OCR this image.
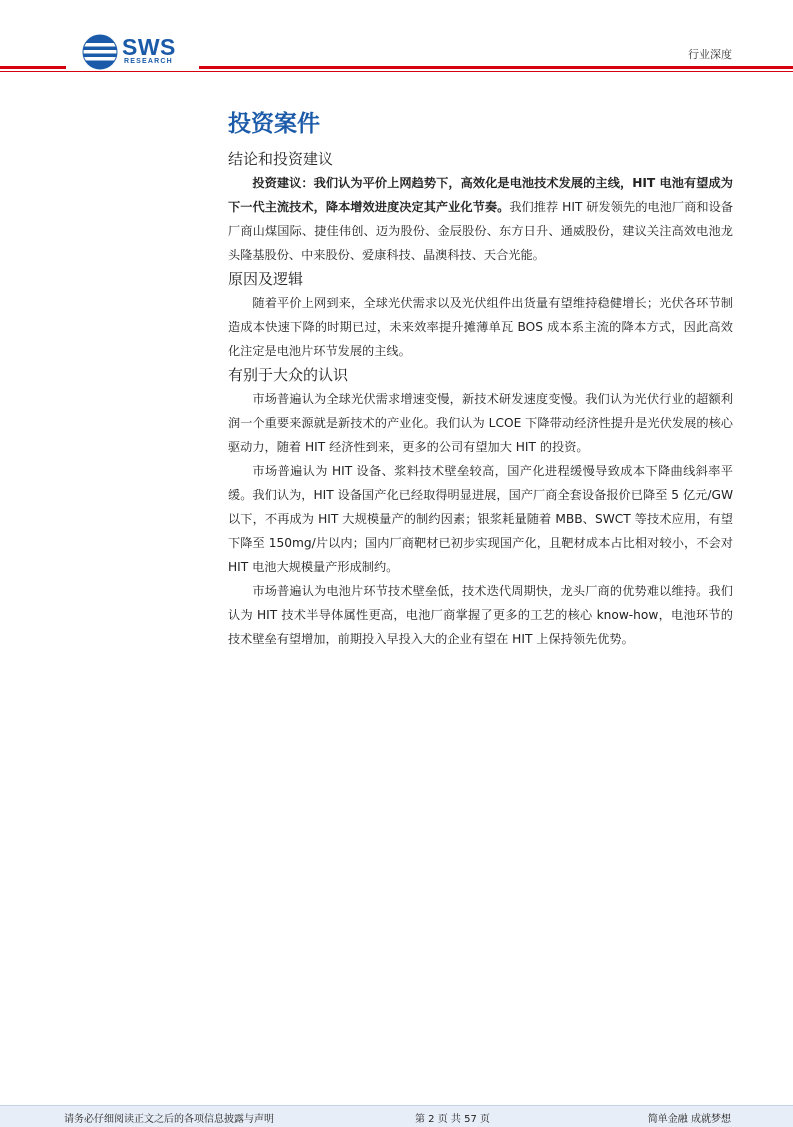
SWS
RESEARCH
行业深度
投资案件
结论和投资建议

投资建议：我们认为平价上网趋势下，高效化是电池技术发展的主线，HIT 电池有望成为下一代主流技术，降本增效进度决定其产业化节奏。我们推荐 HIT 研发领先的电池厂商和设备厂商山煤国际、捷佳伟创、迈为股份、金辰股份、东方日升、通威股份，建议关注高效电池龙头隆基股份、中来股份、爱康科技、晶澳科技、天合光能。

原因及逻辑

随着平价上网到来，全球光伏需求以及光伏组件出货量有望维持稳健增长；光伏各环节制造成本快速下降的时期已过，未来效率提升摊薄单瓦 BOS 成本系主流的降本方式，因此高效化注定是电池片环节发展的主线。

有别于大众的认识

市场普遍认为全球光伏需求增速变慢，新技术研发速度变慢。我们认为光伏行业的超额利润一个重要来源就是新技术的产业化。我们认为 LCOE 下降带动经济性提升是光伏发展的核心驱动力，随着 HIT 经济性到来，更多的公司有望加大 HIT 的投资。

市场普遍认为 HIT 设备、浆料技术壁垒较高，国产化进程缓慢导致成本下降曲线斜率平缓。我们认为，HIT 设备国产化已经取得明显进展，国产厂商全套设备报价已降至 5 亿元/GW 以下，不再成为 HIT 大规模量产的制约因素；银浆耗量随着 MBB、SWCT 等技术应用，有望下降至 150mg/片以内；国内厂商靶材已初步实现国产化，且靶材成本占比相对较小，不会对 HIT 电池大规模量产形成制约。

市场普遍认为电池片环节技术壁垒低，技术迭代周期快，龙头厂商的优势难以维持。我们认为 HIT 技术半导体属性更高，电池厂商掌握了更多的工艺的核心 know-how，电池环节的技术壁垒有望增加，前期投入早投入大的企业有望在 HIT 上保持领先优势。

请务必仔细阅读正文之后的各项信息披露与声明	第 2 页 共 57 页	简单金融 成就梦想
